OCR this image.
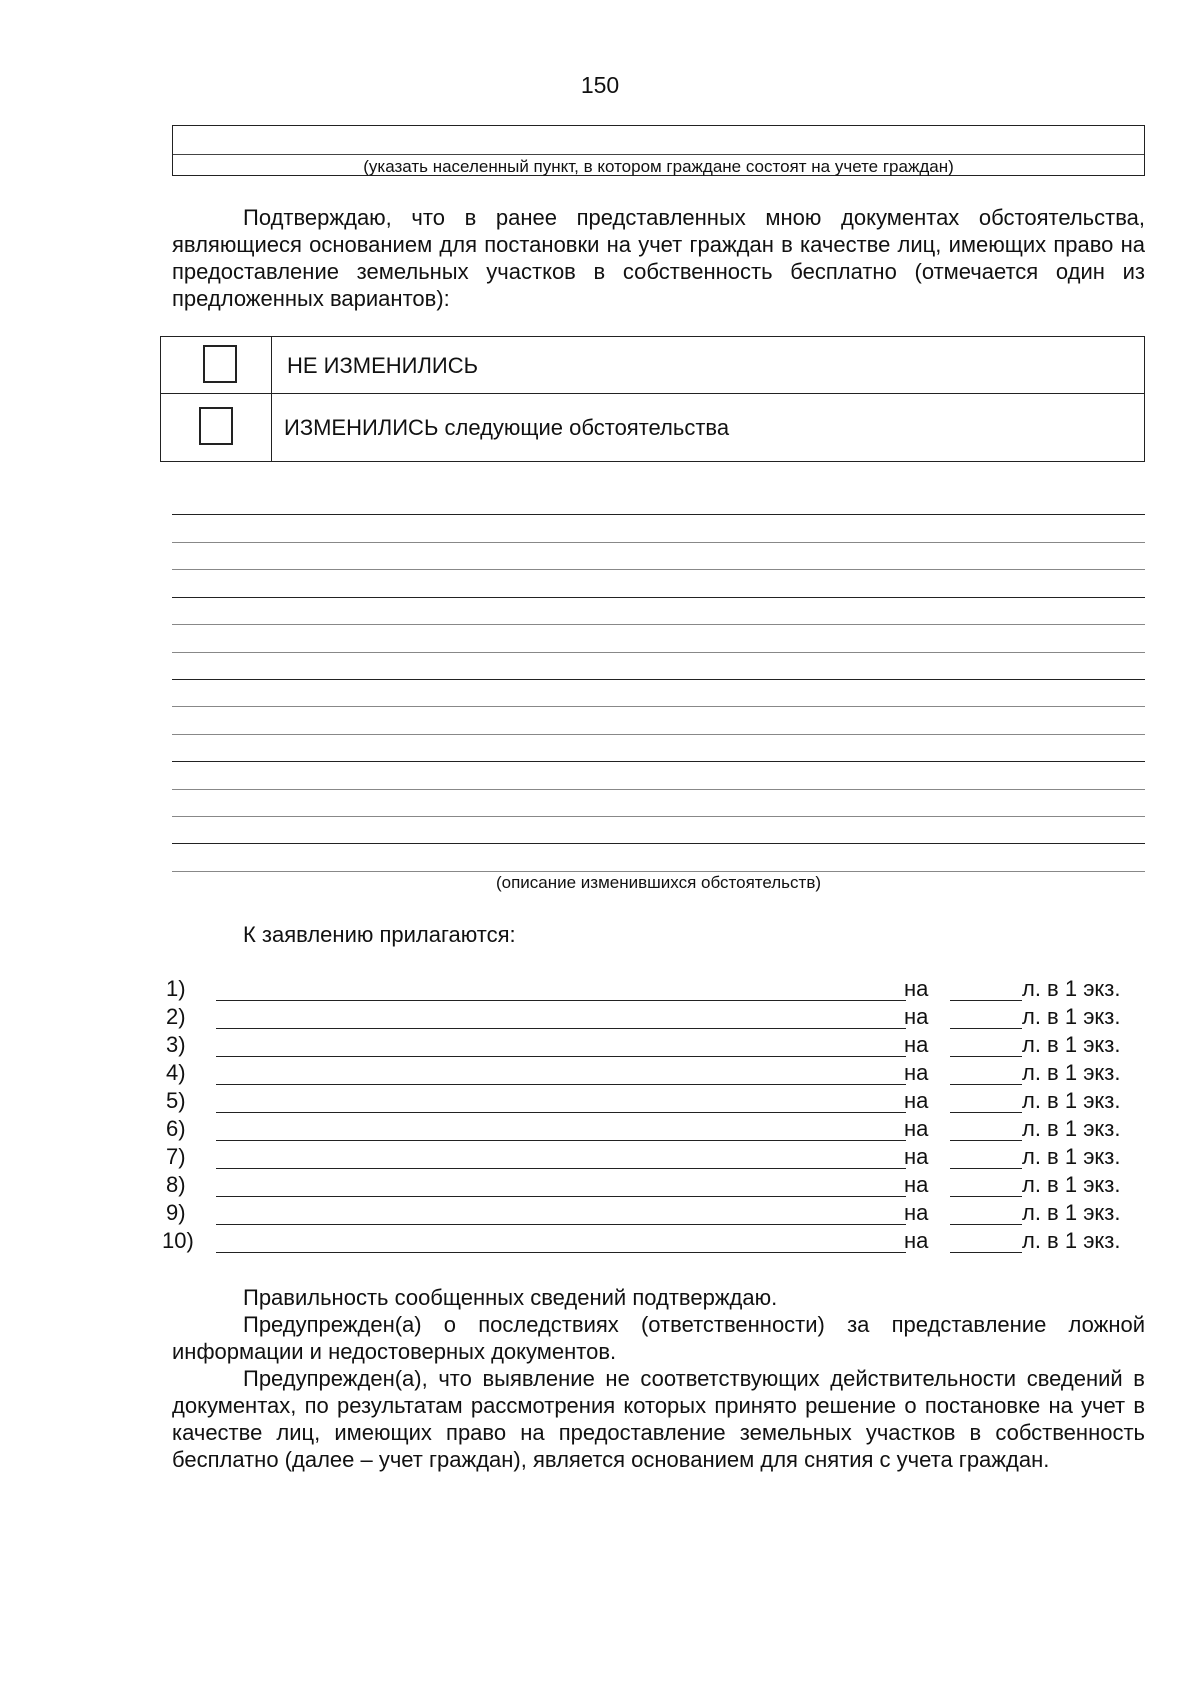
150
(указать населенный пункт, в котором граждане состоят на учете граждан)
Подтверждаю, что в ранее представленных мною документах обстоятельства, являющиеся основанием для постановки на учет граждан в качестве лиц, имеющих право на предоставление земельных участков в собственность бесплатно (отмечается один из предложенных вариантов):
НЕ ИЗМЕНИЛИСЬ
ИЗМЕНИЛИСЬ следующие обстоятельства
(описание изменившихся обстоятельств)
К заявлению прилагаются:
1)	на	л. в 1 экз.
2)	на	л. в 1 экз.
3)	на	л. в 1 экз.
4)	на	л. в 1 экз.
5)	на	л. в 1 экз.
6)	на	л. в 1 экз.
7)	на	л. в 1 экз.
8)	на	л. в 1 экз.
9)	на	л. в 1 экз.
10)	на	л. в 1 экз.
Правильность сообщенных сведений подтверждаю.
Предупрежден(а) о последствиях (ответственности) за представление ложной информации и недостоверных документов.
Предупрежден(а), что выявление не соответствующих действительности сведений в документах, по результатам рассмотрения которых принято решение о постановке на учет в качестве лиц, имеющих право на предоставление земельных участков в собственность бесплатно (далее – учет граждан), является основанием для снятия с учета граждан.
